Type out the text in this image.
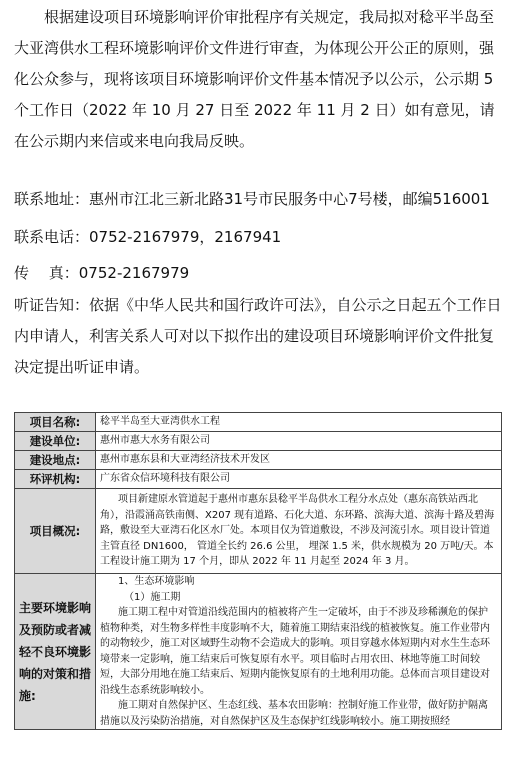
根据建设项目环境影响评价审批程序有关规定，我局拟对稔平半岛至大亚湾供水工程环境影响评价文件进行审查，为体现公开公正的原则，强化公众参与，现将该项目环境影响评价文件基本情况予以公示，公示期 5 个工作日（2022 年 10 月 27 日至 2022 年 11 月 2 日）如有意见，请在公示期内来信或来电向我局反映。
联系地址：惠州市江北三新北路31号市民服务中心7号楼，邮编516001
联系电话：0752-2167979，2167941
传　 真：0752-2167979
听证告知：依据《中华人民共和国行政许可法》，自公示之日起五个工作日内申请人，利害关系人可对以下拟作出的建设项目环境影响评价文件批复决定提出听证申请。
项目名称:	稔平半岛至大亚湾供水工程
建设单位:	惠州市惠大水务有限公司
建设地点:	惠州市惠东县和大亚湾经济技术开发区
环评机构:	广东省众信环境科技有限公司
项目概况:	项目新建原水管道起于惠州市惠东县稔平半岛供水工程分水点处（惠东高铁站西北角），沿霞涌高铁南侧、X207 现有道路、石化大道、东环路、滨海大道、滨海十路及碧海路，敷设至大亚湾石化区水厂处。本项目仅为管道敷设，不涉及河流引水。项目设计管道主管直径 DN1600， 管道全长约 26.6 公里， 埋深 1.5 米，供水规模为 20 万吨/天。本工程设计施工期为 17 个月，即从 2022 年 11 月起至 2024 年 3 月。

主要环境影响及预防或者减轻不良环境影响的对策和措施:	1、生态环境影响
（1）施工期
施工期工程中对管道沿线范围内的植被将产生一定破坏，由于不涉及珍稀濒危的保护植物种类，对生物多样性丰度影响不大，随着施工期结束沿线的植被恢复。施工作业带内的动物较少，施工对区域野生动物不会造成大的影响。项目穿越水体短期内对水生生态环境带来一定影响，施工结束后可恢复原有水平。项目临时占用农田、林地等施工时间较短，大部分用地在施工结束后、短期内能恢复原有的土地利用功能。总体而言项目建设对沿线生态系统影响较小。
施工期对自然保护区、生态红线、基本农田影响：控制好施工作业带，做好防护隔离措施以及污染防治措施，对自然保护区及生态保护红线影响较小。施工期按照经
